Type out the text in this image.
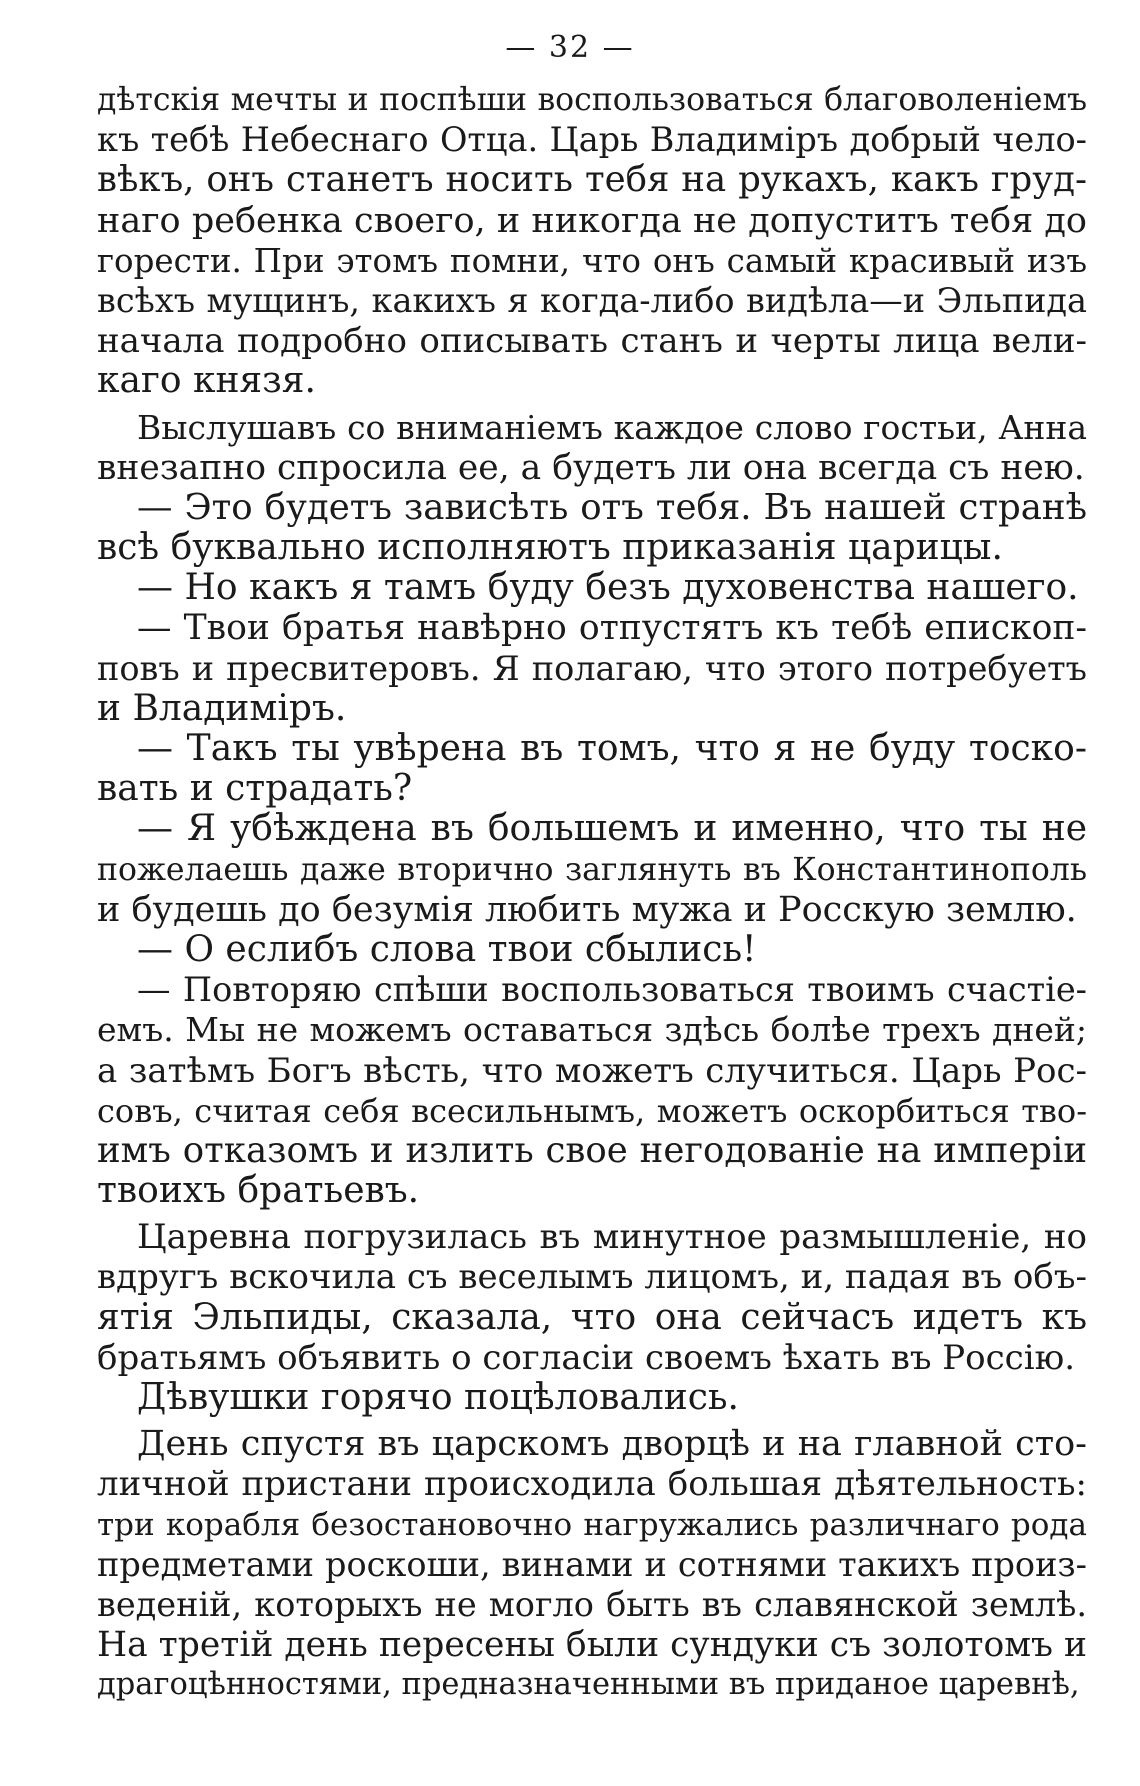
— 32 —
дѣтскія мечты и поспѣши воспользоваться благоволеніемъ
къ тебѣ Небеснаго Отца. Царь Владиміръ добрый чело-
вѣкъ, онъ станетъ носить тебя на рукахъ, какъ груд-
наго ребенка своего, и никогда не допуститъ тебя до
горести. При этомъ помни, что онъ самый красивый изъ
всѣхъ мущинъ, какихъ я когда-либо видѣла—и Эльпида
начала подробно описывать станъ и черты лица вели-
каго князя.
Выслушавъ со вниманіемъ каждое слово гостьи, Анна
внезапно спросила ее, а будетъ ли она всегда съ нею.
— Это будетъ зависѣть отъ тебя. Въ нашей странѣ
всѣ буквально исполняютъ приказанія царицы.
— Но какъ я тамъ буду безъ духовенства нашего.
— Твои братья навѣрно отпустятъ къ тебѣ епископ-
повъ и пресвитеровъ. Я полагаю, что этого потребуетъ
и Владиміръ.
— Такъ ты увѣрена въ томъ, что я не буду тоско-
вать и страдать?
— Я убѣждена въ большемъ и именно, что ты не
пожелаешь даже вторично заглянуть въ Константинополь
и будешь до безумія любить мужа и Росскую землю.
— О еслибъ слова твои сбылись!
— Повторяю спѣши воспользоваться твоимъ счастіе-
емъ. Мы не можемъ оставаться здѣсь болѣе трехъ дней;
а затѣмъ Богъ вѣсть, что можетъ случиться. Царь Рос-
совъ, считая себя всесильнымъ, можетъ оскорбиться тво-
имъ отказомъ и излить свое негодованіе на имперіи
твоихъ братьевъ.
Царевна погрузилась въ минутное размышленіе, но
вдругъ вскочила съ веселымъ лицомъ, и, падая въ объ-
ятія Эльпиды, сказала, что она сейчасъ идетъ къ
братьямъ объявить о согласіи своемъ ѣхать въ Россію.
Дѣвушки горячо поцѣловались.
День спустя въ царскомъ дворцѣ и на главной сто-
личной пристани происходила большая дѣятельность:
три корабля безостановочно нагружались различнаго рода
предметами роскоши, винами и сотнями такихъ произ-
веденій, которыхъ не могло быть въ славянской землѣ.
На третій день пересены были сундуки съ золотомъ и
драгоцѣнностями, предназначенными въ приданое царевнѣ,
